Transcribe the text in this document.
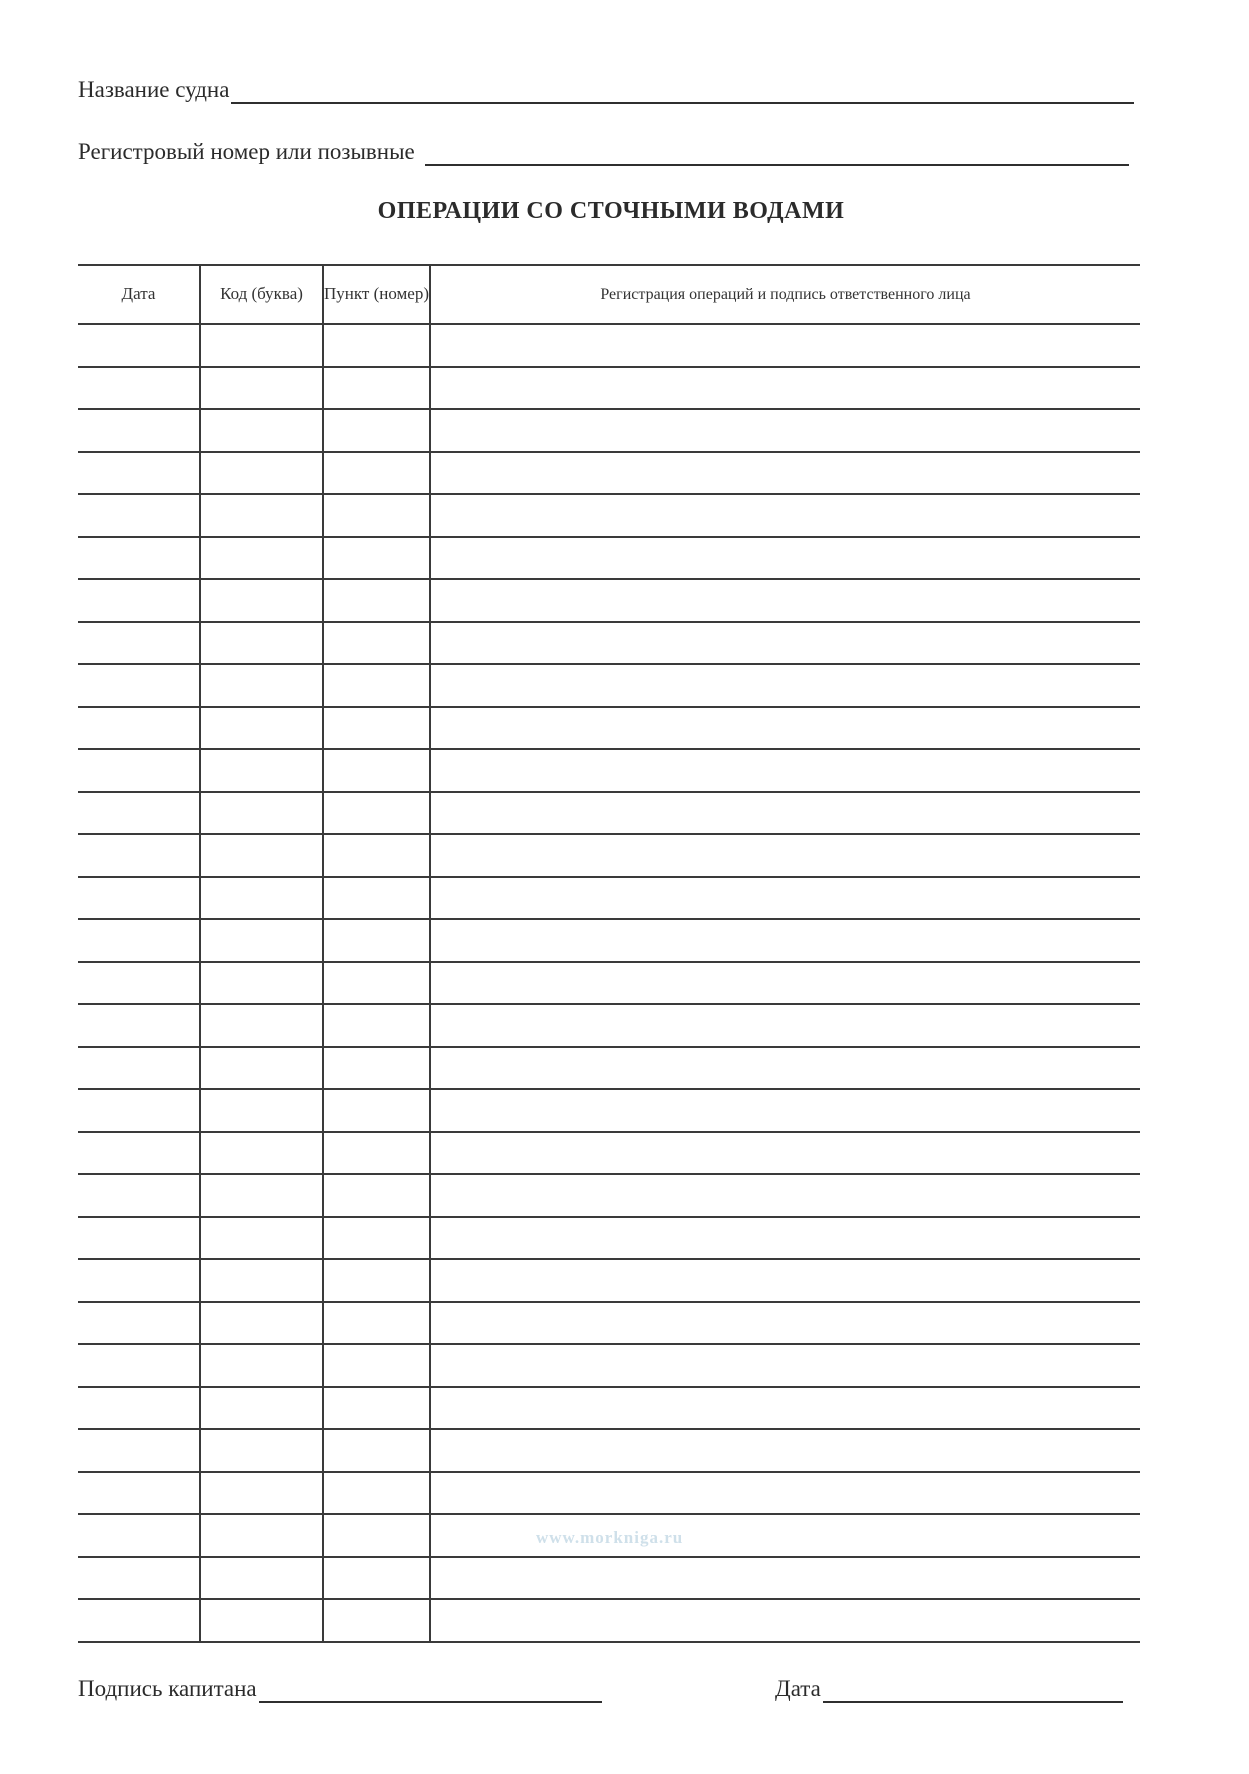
Название судна
Регистровый номер или позывные
ОПЕРАЦИИ СО СТОЧНЫМИ ВОДАМИ
Дата	Код (буква)	Пункт (номер)	Регистрация операций и подпись ответственного лица

www.morkniga.ru
Подпись капитана	Дата
